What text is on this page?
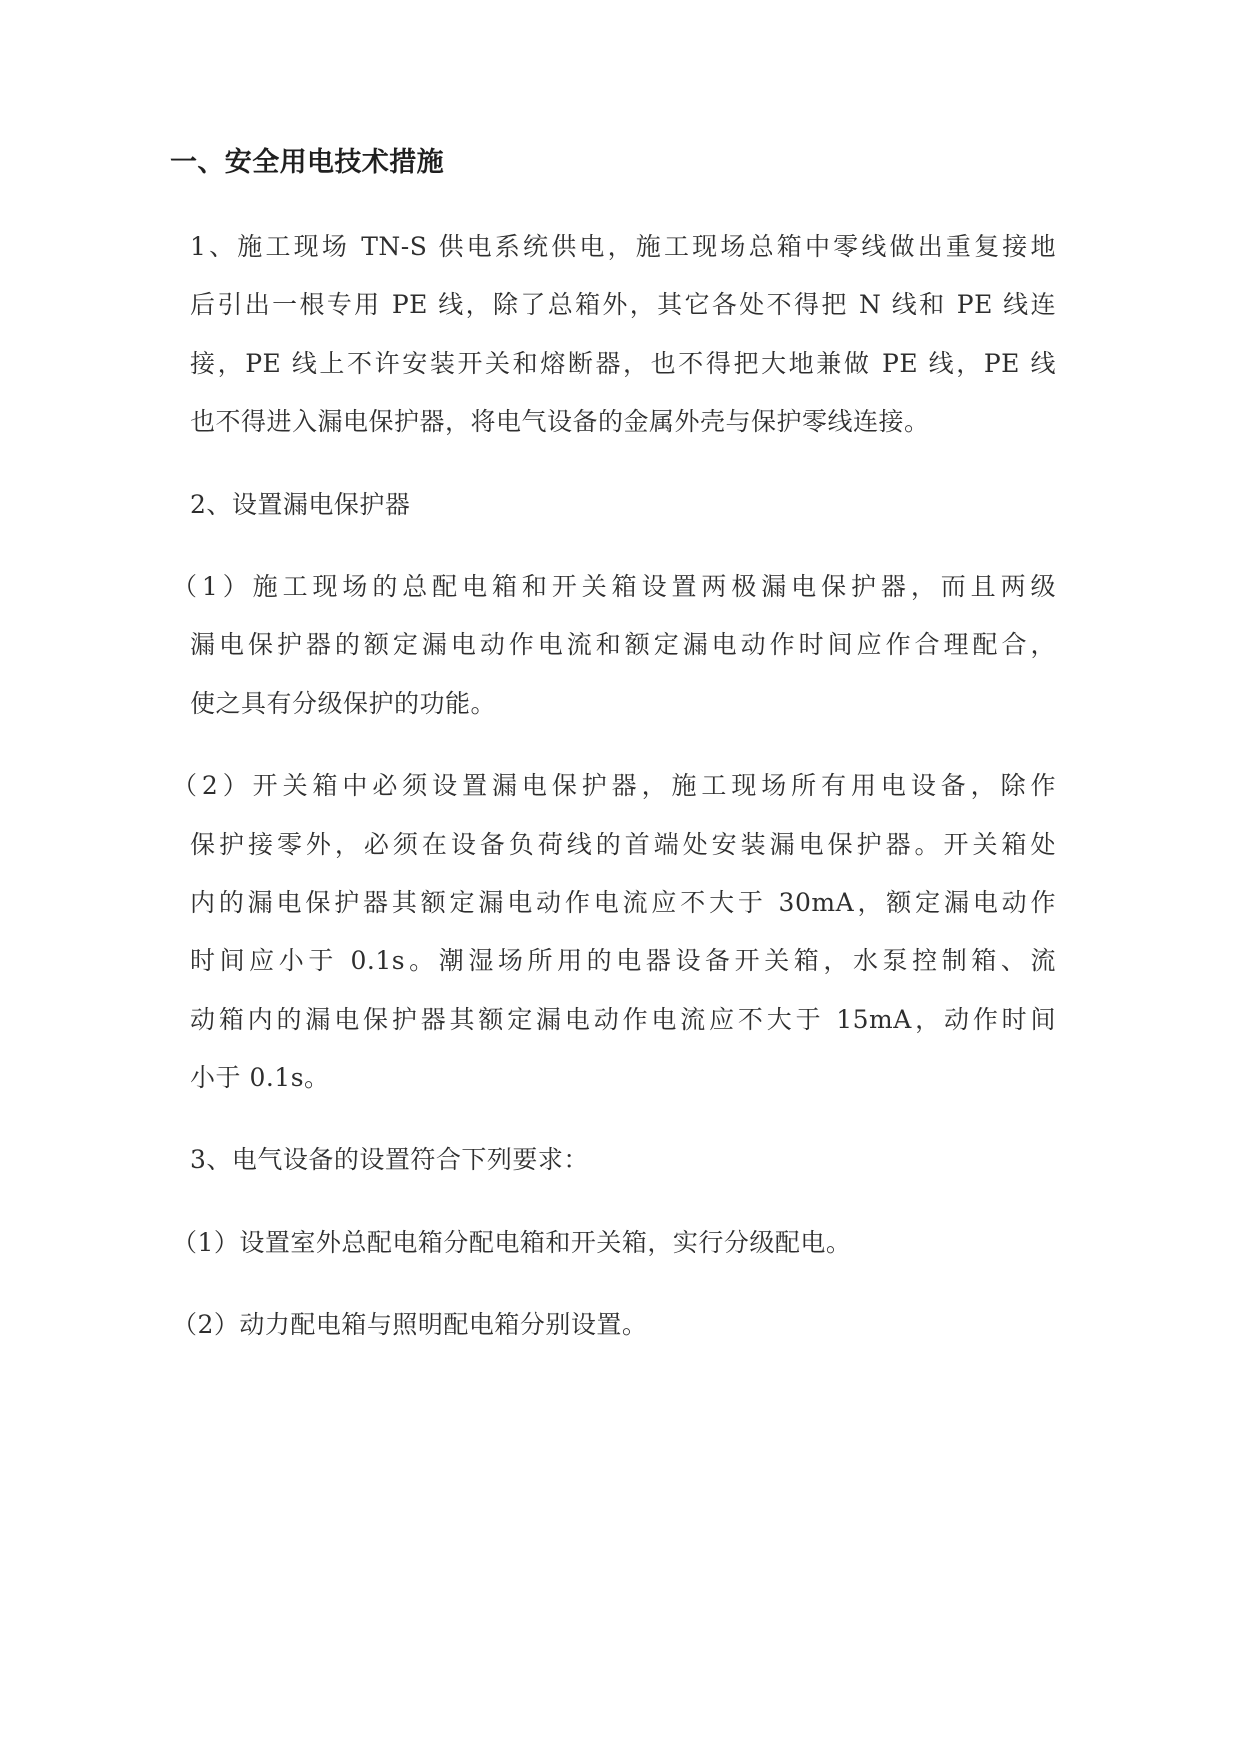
一、安全用电技术措施
1、施工现场 TN-S 供电系统供电，施工现场总箱中零线做出重复接地
后引出一根专用 PE 线，除了总箱外，其它各处不得把 N 线和 PE 线连
接，PE 线上不许安装开关和熔断器，也不得把大地兼做 PE 线，PE 线
也不得进入漏电保护器，将电气设备的金属外壳与保护零线连接。
2、设置漏电保护器
（1）施工现场的总配电箱和开关箱设置两极漏电保护器，而且两级
漏电保护器的额定漏电动作电流和额定漏电动作时间应作合理配合，
使之具有分级保护的功能。
（2）开关箱中必须设置漏电保护器，施工现场所有用电设备，除作
保护接零外，必须在设备负荷线的首端处安装漏电保护器。开关箱处
内的漏电保护器其额定漏电动作电流应不大于 30mA，额定漏电动作
时间应小于 0.1s。潮湿场所用的电器设备开关箱，水泵控制箱、流
动箱内的漏电保护器其额定漏电动作电流应不大于 15mA，动作时间
小于 0.1s。
3、电气设备的设置符合下列要求：
（1）设置室外总配电箱分配电箱和开关箱，实行分级配电。
（2）动力配电箱与照明配电箱分别设置。
